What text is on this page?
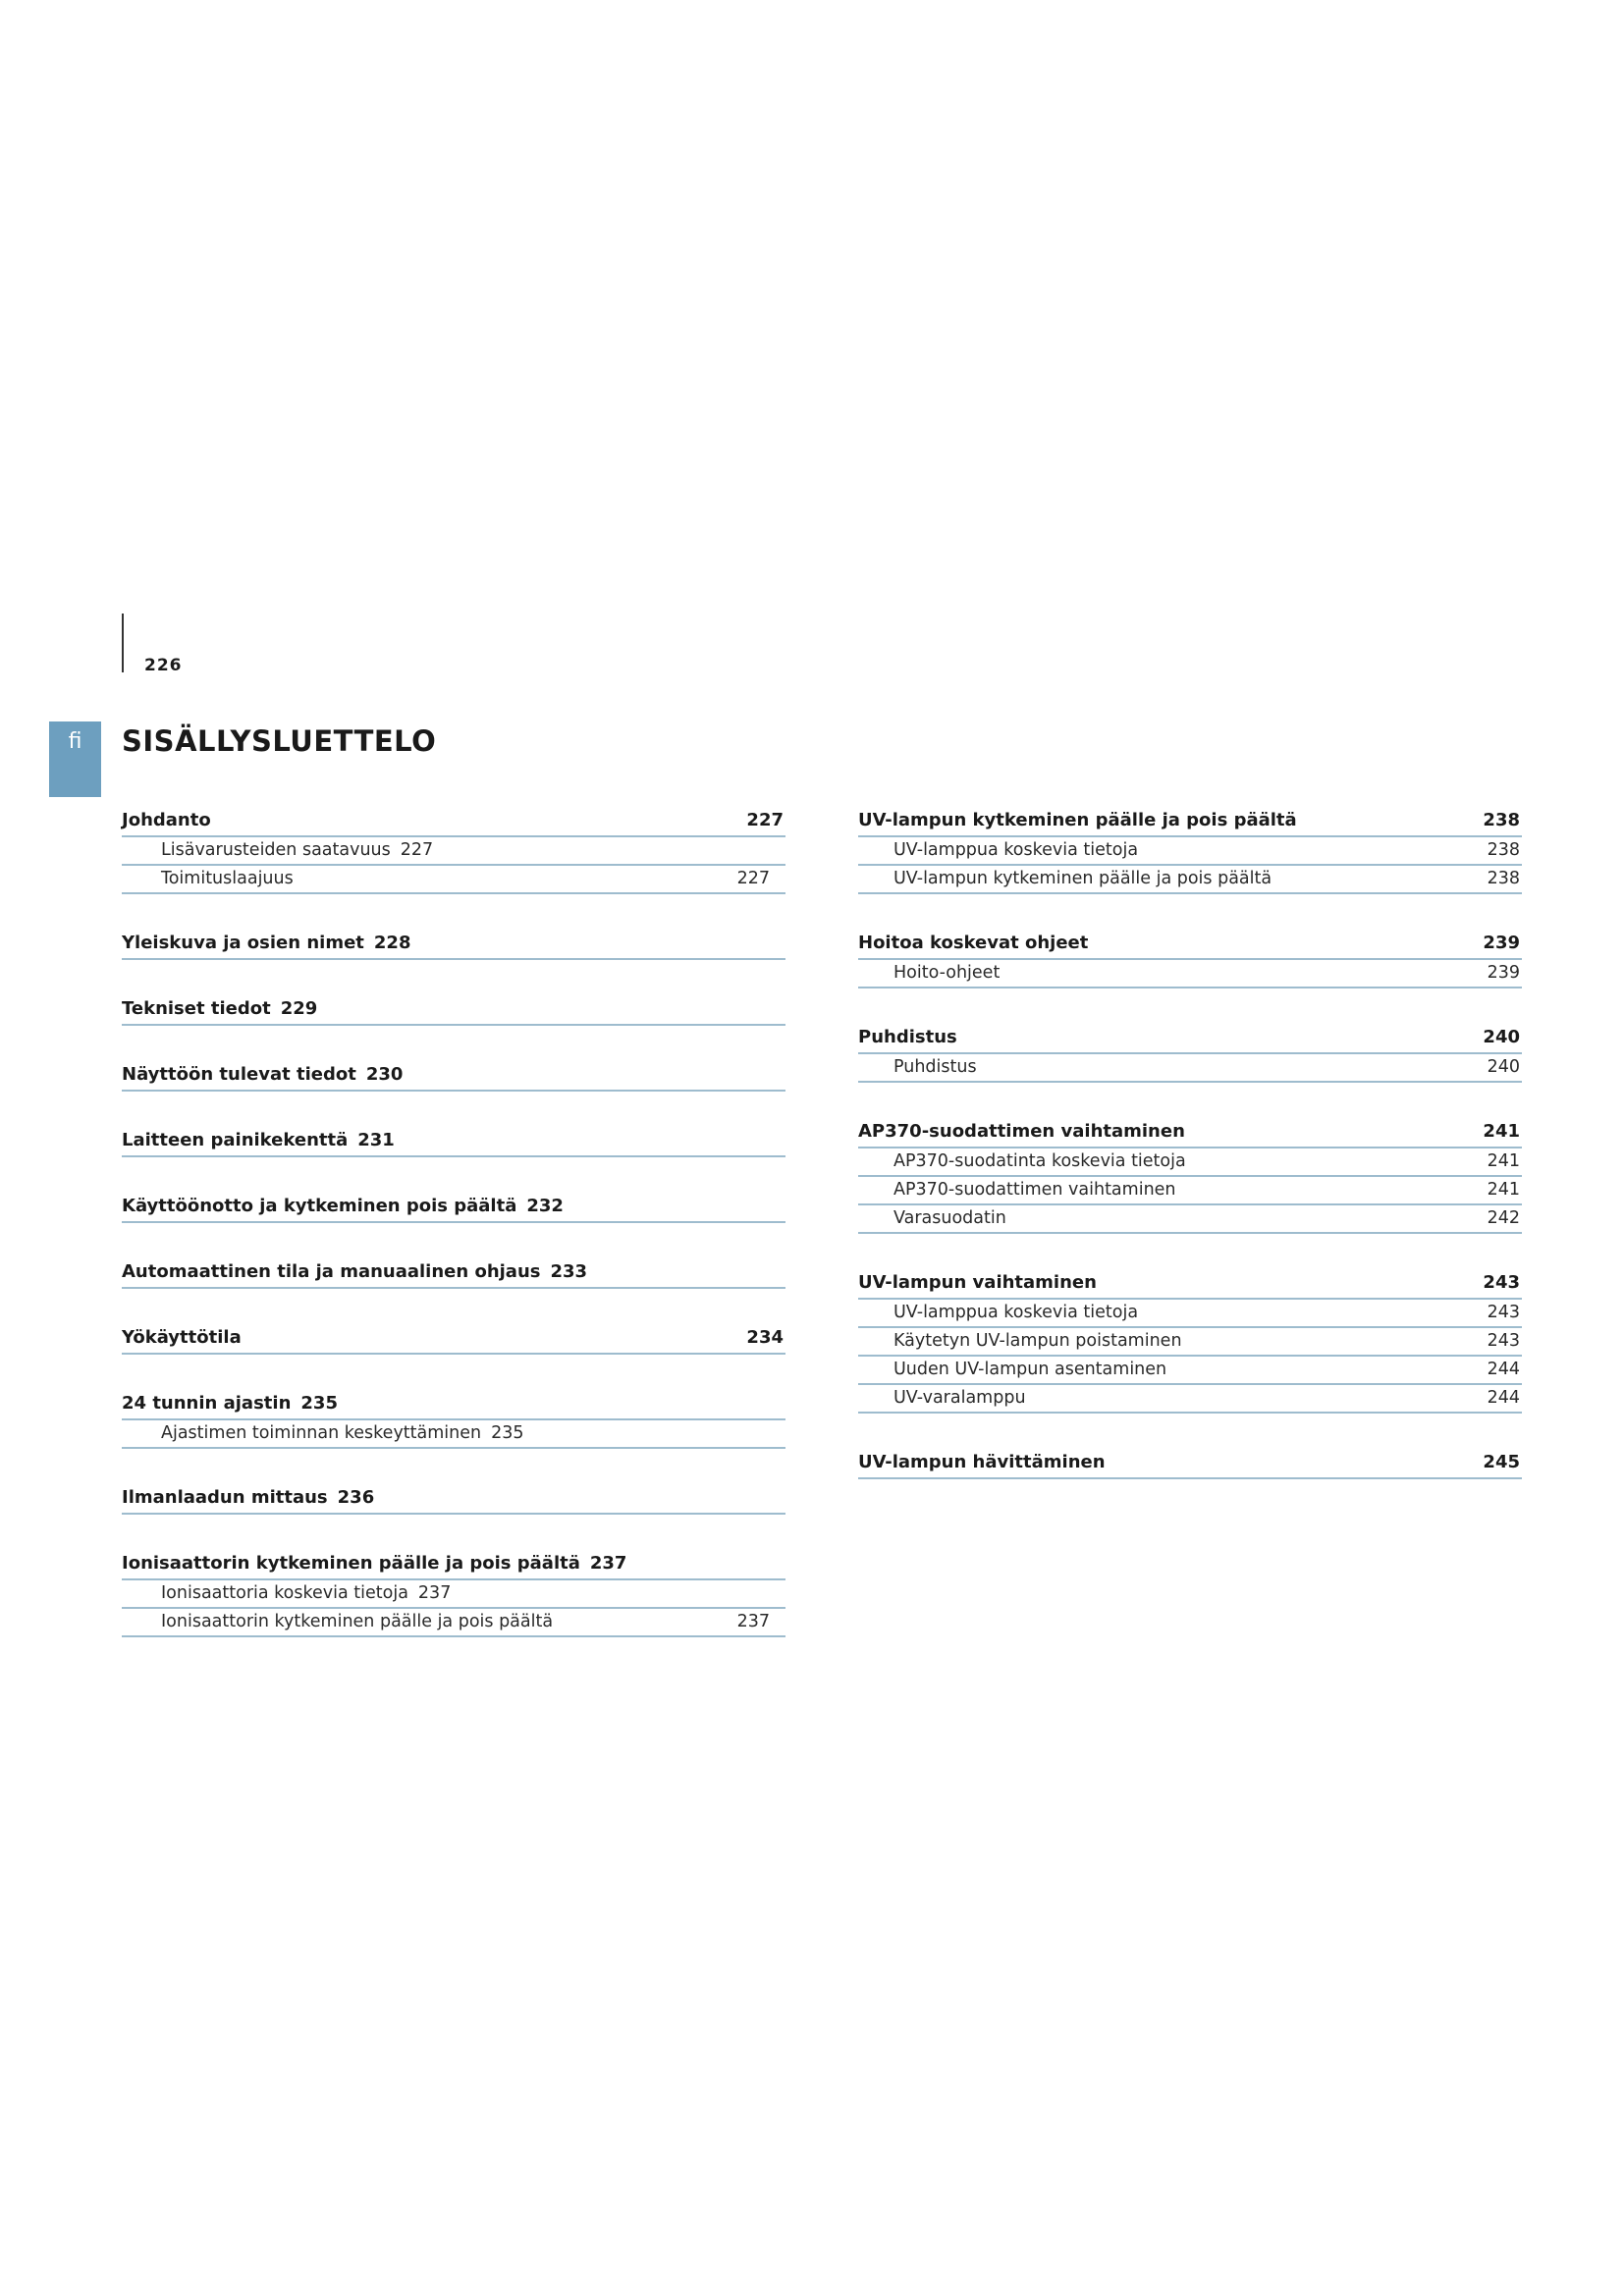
226
fi	SISÄLLYSLUETTELO
Johdanto	227
Lisävarusteiden saatavuus 227
Toimituslaajuus	227
Yleiskuva ja osien nimet 228
Tekniset tiedot 229
Näyttöön tulevat tiedot 230
Laitteen painikekenttä 231
Käyttöönotto ja kytkeminen pois päältä 232
Automaattinen tila ja manuaalinen ohjaus 233
Yökäyttötila	234
24 tunnin ajastin 235
Ajastimen toiminnan keskeyttäminen 235
Ilmanlaadun mittaus 236
Ionisaattorin kytkeminen päälle ja pois päältä 237
Ionisaattoria koskevia tietoja 237
Ionisaattorin kytkeminen päälle ja pois päältä	237
UV-lampun kytkeminen päälle ja pois päältä	238
UV-lamppua koskevia tietoja	238
UV-lampun kytkeminen päälle ja pois päältä	238
Hoitoa koskevat ohjeet	239
Hoito-ohjeet	239
Puhdistus	240
Puhdistus	240
AP370-suodattimen vaihtaminen	241
AP370-suodatinta koskevia tietoja	241
AP370-suodattimen vaihtaminen	241
Varasuodatin	242
UV-lampun vaihtaminen	243
UV-lamppua koskevia tietoja	243
Käytetyn UV-lampun poistaminen	243
Uuden UV-lampun asentaminen	244
UV-varalamppu	244
UV-lampun hävittäminen	245
